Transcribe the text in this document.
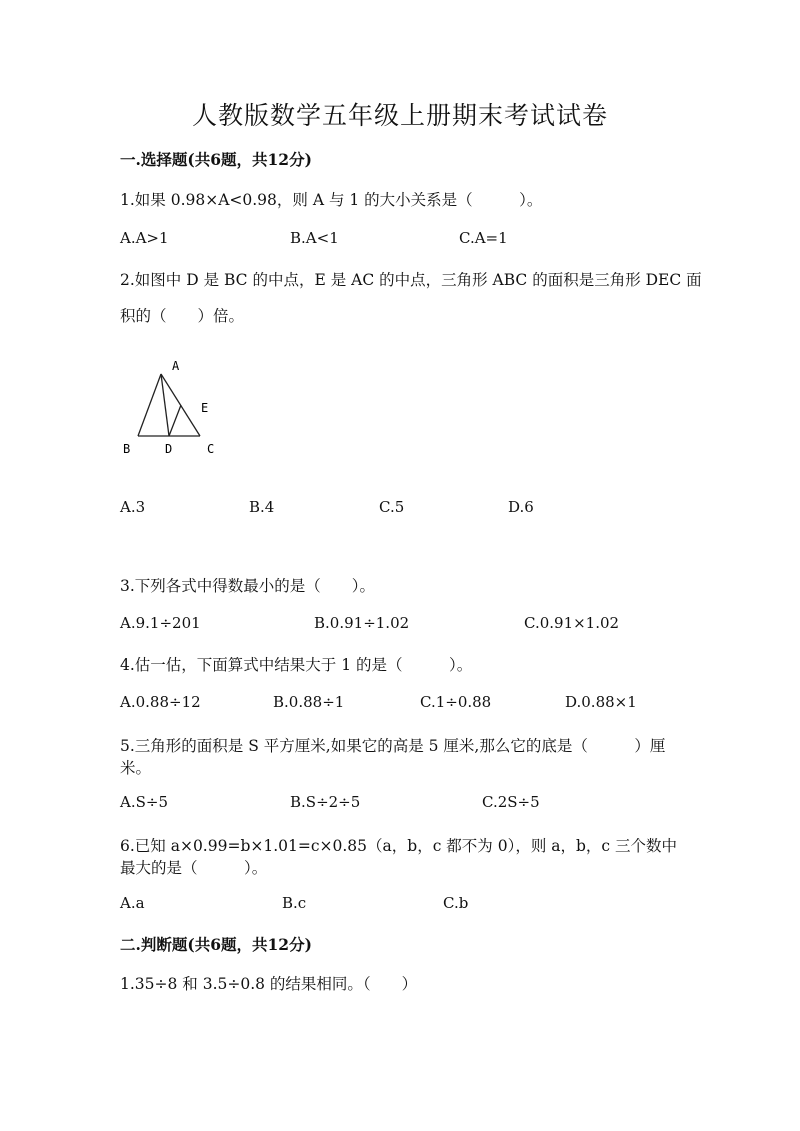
人教版数学五年级上册期末考试试卷
一.选择题(共6题，共12分)
1.如果 0.98×A<0.98，则 A 与 1 的大小关系是（　　　）。
A.A>1	B.A<1	C.A=1
2.如图中 D 是 BC 的中点，E 是 AC 的中点，三角形 ABC 的面积是三角形 DEC 面
积的（　　）倍。
A
E
B	D	C
A.3	B.4	C.5	D.6
3.下列各式中得数最小的是（　　）。
A.9.1÷201	B.0.91÷1.02	C.0.91×1.02
4.估一估，下面算式中结果大于 1 的是（　　　）。
A.0.88÷12	B.0.88÷1	C.1÷0.88	D.0.88×1
5.三角形的面积是 S 平方厘米,如果它的高是 5 厘米,那么它的底是（　　　）厘
米。
A.S÷5	B.S÷2÷5	C.2S÷5
6.已知 a×0.99=b×1.01=c×0.85（a，b，c 都不为 0），则 a，b，c 三个数中
最大的是（　　　）。
A.a	B.c	C.b
二.判断题(共6题，共12分)
1.35÷8 和 3.5÷0.8 的结果相同。（　　）
